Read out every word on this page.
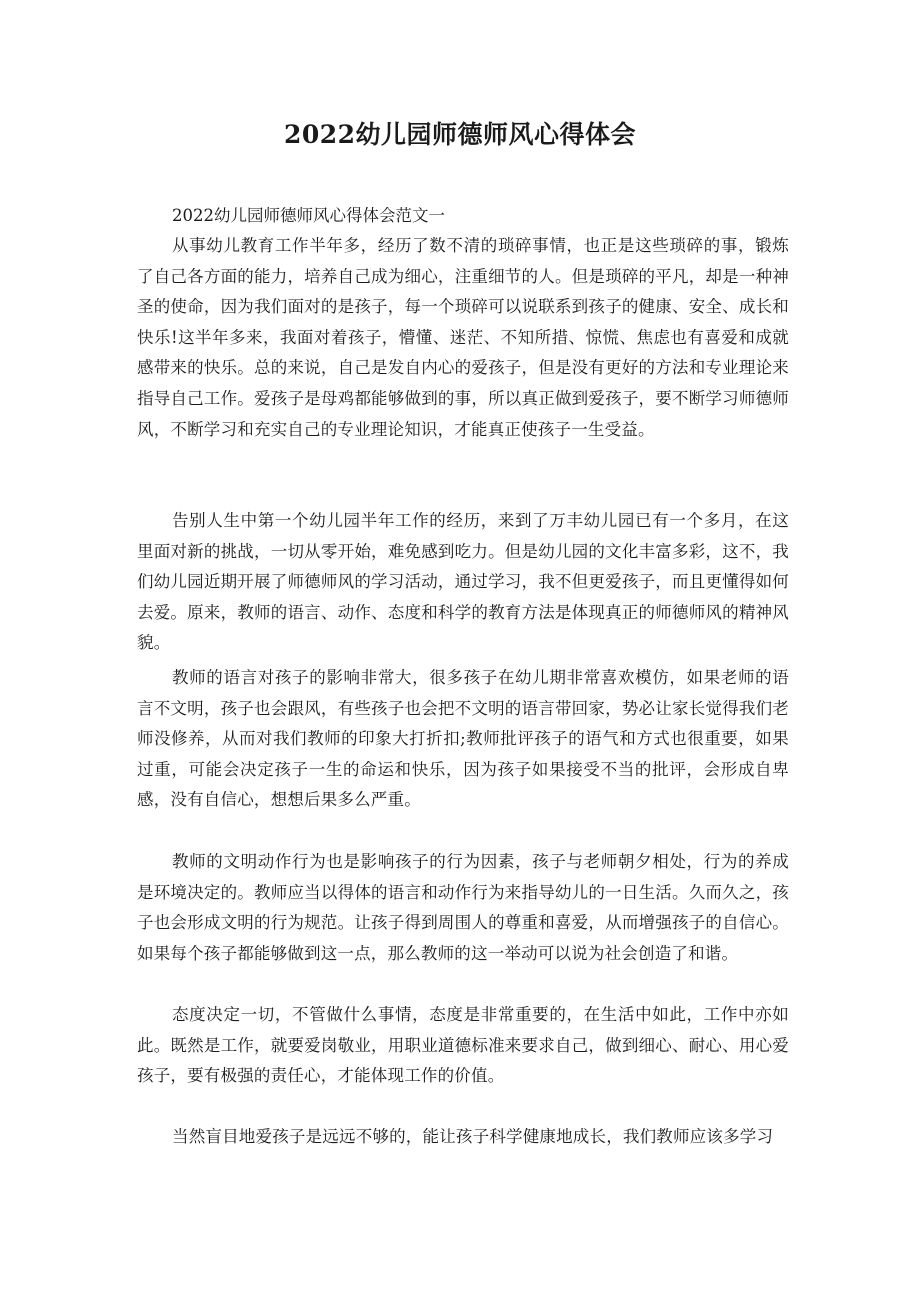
2022幼儿园师德师风心得体会

2022幼儿园师德师风心得体会范文一

从事幼儿教育工作半年多，经历了数不清的琐碎事情，也正是这些琐碎的事，锻炼了自己各方面的能力，培养自己成为细心，注重细节的人。但是琐碎的平凡，却是一种神圣的使命，因为我们面对的是孩子，每一个琐碎可以说联系到孩子的健康、安全、成长和快乐!这半年多来，我面对着孩子，懵懂、迷茫、不知所措、惊慌、焦虑也有喜爱和成就感带来的快乐。总的来说，自己是发自内心的爱孩子，但是没有更好的方法和专业理论来指导自己工作。爱孩子是母鸡都能够做到的事，所以真正做到爱孩子，要不断学习师德师风，不断学习和充实自己的专业理论知识，才能真正使孩子一生受益。

告别人生中第一个幼儿园半年工作的经历，来到了万丰幼儿园已有一个多月，在这里面对新的挑战，一切从零开始，难免感到吃力。但是幼儿园的文化丰富多彩，这不，我们幼儿园近期开展了师德师风的学习活动，通过学习，我不但更爱孩子，而且更懂得如何去爱。原来，教师的语言、动作、态度和科学的教育方法是体现真正的师德师风的精神风貌。

教师的语言对孩子的影响非常大，很多孩子在幼儿期非常喜欢模仿，如果老师的语言不文明，孩子也会跟风，有些孩子也会把不文明的语言带回家，势必让家长觉得我们老师没修养，从而对我们教师的印象大打折扣;教师批评孩子的语气和方式也很重要，如果过重，可能会决定孩子一生的命运和快乐，因为孩子如果接受不当的批评，会形成自卑感，没有自信心，想想后果多么严重。

教师的文明动作行为也是影响孩子的行为因素，孩子与老师朝夕相处，行为的养成是环境决定的。教师应当以得体的语言和动作行为来指导幼儿的一日生活。久而久之，孩子也会形成文明的行为规范。让孩子得到周围人的尊重和喜爱，从而增强孩子的自信心。如果每个孩子都能够做到这一点，那么教师的这一举动可以说为社会创造了和谐。

态度决定一切，不管做什么事情，态度是非常重要的，在生活中如此，工作中亦如此。既然是工作，就要爱岗敬业，用职业道德标准来要求自己，做到细心、耐心、用心爱孩子，要有极强的责任心，才能体现工作的价值。

当然盲目地爱孩子是远远不够的，能让孩子科学健康地成长，我们教师应该多学习
